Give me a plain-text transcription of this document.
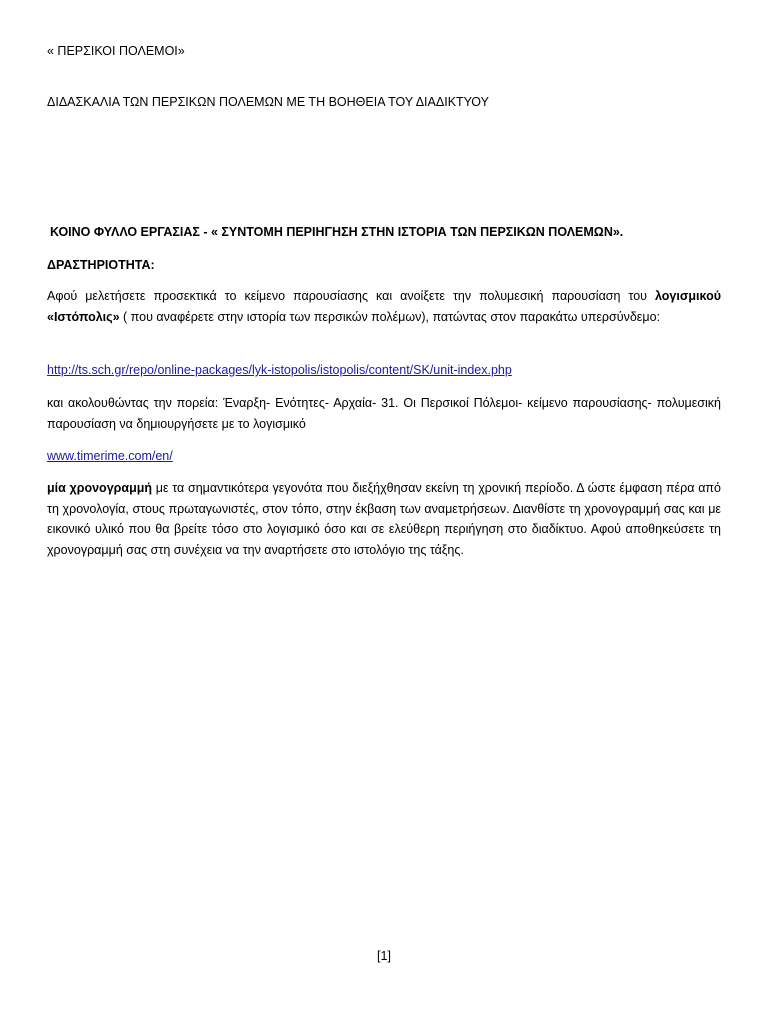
« ΠΕΡΣΙΚΟΙ ΠΟΛΕΜΟΙ»
ΔΙΔΑΣΚΑΛΙΑ ΤΩΝ ΠΕΡΣΙΚΩΝ ΠΟΛΕΜΩΝ ΜΕ ΤΗ ΒΟΗΘΕΙΑ ΤΟΥ ΔΙΑΔΙΚΤΥΟΥ
ΚΟΙΝΟ ΦΥΛΛΟ ΕΡΓΑΣΙΑΣ - « ΣΥΝΤΟΜΗ ΠΕΡΙΗΓΗΣΗ ΣΤΗΝ ΙΣΤΟΡΙΑ ΤΩΝ ΠΕΡΣΙΚΩΝ ΠΟΛΕΜΩΝ».
ΔΡΑΣΤΗΡΙΟΤΗΤΑ:
Αφού μελετήσετε προσεκτικά το κείμενο παρουσίασης και ανοίξετε την πολυμεσική παρουσίαση του λογισμικού «Ιστόπολις» ( που αναφέρετε στην ιστορία των περσικών πολέμων), πατώντας στον παρακάτω υπερσύνδεμο:
http://ts.sch.gr/repo/online-packages/lyk-istopolis/istopolis/content/SK/unit-index.php
και ακολουθώντας την πορεία: Έναρξη- Ενότητες- Αρχαία- 31. Οι Περσικοί Πόλεμοι- κείμενο παρουσίασης- πολυμεσική παρουσίαση να δημιουργήσετε με το λογισμικό
www.timerime.com/en/
μία χρονογραμμή με τα σημαντικότερα γεγονότα που διεξήχθησαν εκείνη τη χρονική περίοδο. Δ ώστε έμφαση πέρα από τη χρονολογία, στους πρωταγωνιστές, στον τόπο, στην έκβαση των αναμετρήσεων. Διανθίστε τη χρονογραμμή σας και με εικονικό υλικό που θα βρείτε τόσο στο λογισμικό όσο και σε ελεύθερη περιήγηση στο διαδίκτυο. Αφού αποθηκεύσετε τη χρονογραμμή σας στη συνέχεια να την αναρτήσετε στο ιστολόγιο της τάξης.
[1]
